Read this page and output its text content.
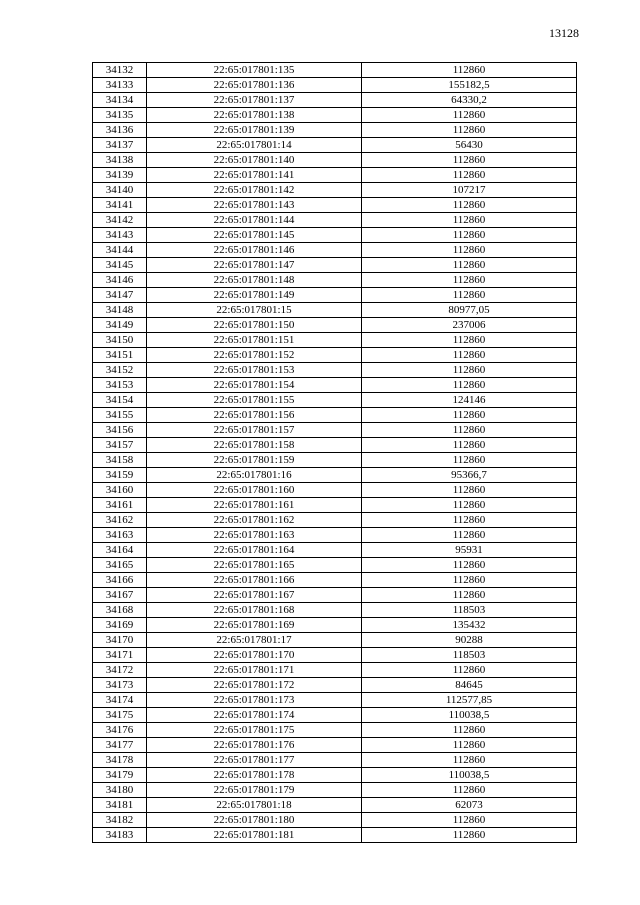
13128
34132	22:65:017801:135	112860
34133	22:65:017801:136	155182,5
34134	22:65:017801:137	64330,2
34135	22:65:017801:138	112860
34136	22:65:017801:139	112860
34137	22:65:017801:14	56430
34138	22:65:017801:140	112860
34139	22:65:017801:141	112860
34140	22:65:017801:142	107217
34141	22:65:017801:143	112860
34142	22:65:017801:144	112860
34143	22:65:017801:145	112860
34144	22:65:017801:146	112860
34145	22:65:017801:147	112860
34146	22:65:017801:148	112860
34147	22:65:017801:149	112860
34148	22:65:017801:15	80977,05
34149	22:65:017801:150	237006
34150	22:65:017801:151	112860
34151	22:65:017801:152	112860
34152	22:65:017801:153	112860
34153	22:65:017801:154	112860
34154	22:65:017801:155	124146
34155	22:65:017801:156	112860
34156	22:65:017801:157	112860
34157	22:65:017801:158	112860
34158	22:65:017801:159	112860
34159	22:65:017801:16	95366,7
34160	22:65:017801:160	112860
34161	22:65:017801:161	112860
34162	22:65:017801:162	112860
34163	22:65:017801:163	112860
34164	22:65:017801:164	95931
34165	22:65:017801:165	112860
34166	22:65:017801:166	112860
34167	22:65:017801:167	112860
34168	22:65:017801:168	118503
34169	22:65:017801:169	135432
34170	22:65:017801:17	90288
34171	22:65:017801:170	118503
34172	22:65:017801:171	112860
34173	22:65:017801:172	84645
34174	22:65:017801:173	112577,85
34175	22:65:017801:174	110038,5
34176	22:65:017801:175	112860
34177	22:65:017801:176	112860
34178	22:65:017801:177	112860
34179	22:65:017801:178	110038,5
34180	22:65:017801:179	112860
34181	22:65:017801:18	62073
34182	22:65:017801:180	112860
34183	22:65:017801:181	112860
